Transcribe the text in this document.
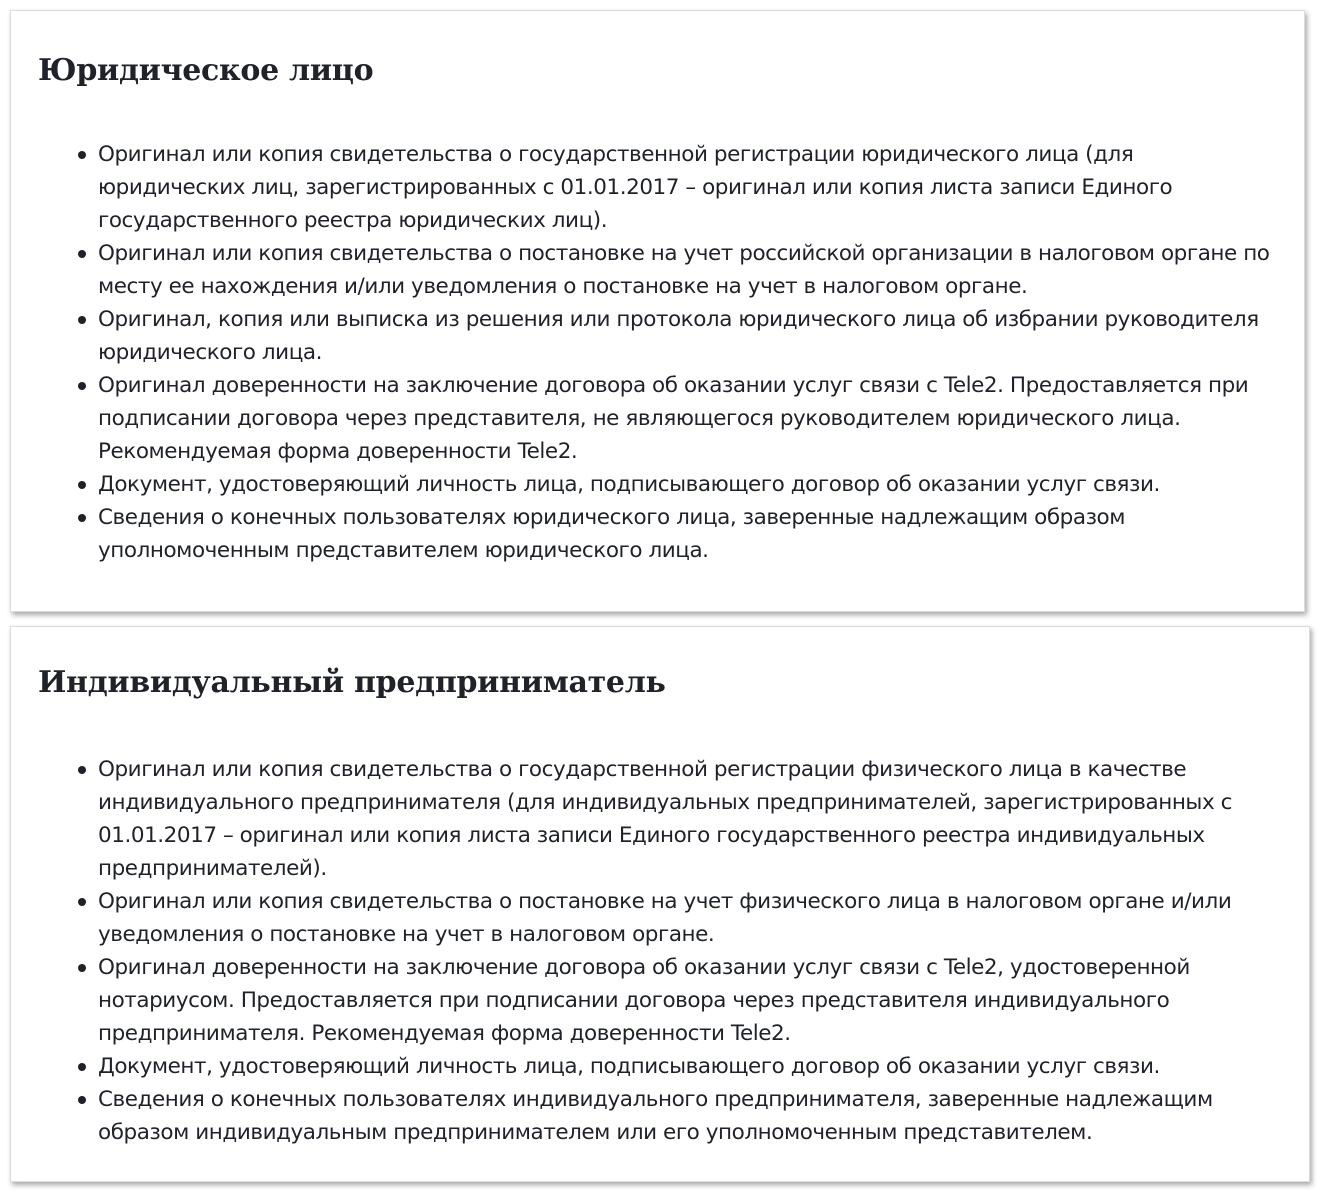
Юридическое лицо
Оригинал или копия свидетельства о государственной регистрации юридического лица (для юридических лиц, зарегистрированных с 01.01.2017 – оригинал или копия листа записи Единого государственного реестра юридических лиц).
Оригинал или копия свидетельства о постановке на учет российской организации в налоговом органе по месту ее нахождения и/или уведомления о постановке на учет в налоговом органе.
Оригинал, копия или выписка из решения или протокола юридического лица об избрании руководителя юридического лица.
Оригинал доверенности на заключение договора об оказании услуг связи с Tele2. Предоставляется при подписании договора через представителя, не являющегося руководителем юридического лица. Рекомендуемая форма доверенности Tele2.
Документ, удостоверяющий личность лица, подписывающего договор об оказании услуг связи.
Сведения о конечных пользователях юридического лица, заверенные надлежащим образом уполномоченным представителем юридического лица.
Индивидуальный предприниматель
Оригинал или копия свидетельства о государственной регистрации физического лица в качестве индивидуального предпринимателя (для индивидуальных предпринимателей, зарегистрированных с 01.01.2017 – оригинал или копия листа записи Единого государственного реестра индивидуальных предпринимателей).
Оригинал или копия свидетельства о постановке на учет физического лица в налоговом органе и/или уведомления о постановке на учет в налоговом органе.
Оригинал доверенности на заключение договора об оказании услуг связи с Tele2, удостоверенной нотариусом. Предоставляется при подписании договора через представителя индивидуального предпринимателя. Рекомендуемая форма доверенности Tele2.
Документ, удостоверяющий личность лица, подписывающего договор об оказании услуг связи.
Сведения о конечных пользователях индивидуального предпринимателя, заверенные надлежащим образом индивидуальным предпринимателем или его уполномоченным представителем.
